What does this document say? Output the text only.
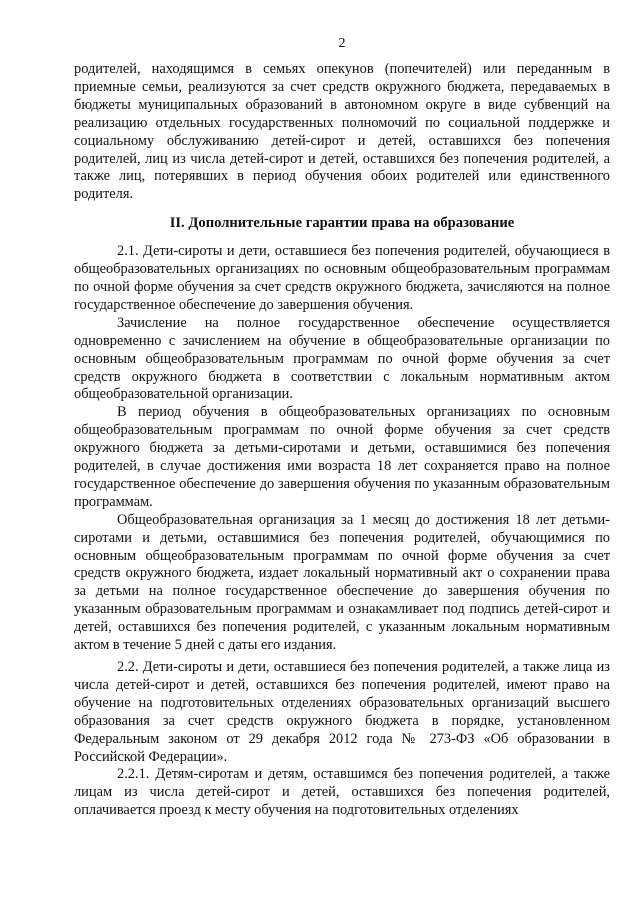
2

родителей, находящимся в семьях опекунов (попечителей) или переданным в приемные семьи, реализуются за счет средств окружного бюджета, передаваемых в бюджеты муниципальных образований в автономном округе в виде субвенций на реализацию отдельных государственных полномочий по социальной поддержке и социальному обслуживанию детей-сирот и детей, оставшихся без попечения родителей, лиц из числа детей-сирот и детей, оставшихся без попечения родителей, а также лиц, потерявших в период обучения обоих родителей или единственного родителя.

II. Дополнительные гарантии права на образование

2.1. Дети-сироты и дети, оставшиеся без попечения родителей, обучающиеся в общеобразовательных организациях по основным общеобразовательным программам по очной форме обучения за счет средств окружного бюджета, зачисляются на полное государственное обеспечение до завершения обучения.

Зачисление на полное государственное обеспечение осуществляется одновременно с зачислением на обучение в общеобразовательные организации по основным общеобразовательным программам по очной форме обучения за счет средств окружного бюджета в соответствии с локальным нормативным актом общеобразовательной организации.

В период обучения в общеобразовательных организациях по основным общеобразовательным программам по очной форме обучения за счет средств окружного бюджета за детьми-сиротами и детьми, оставшимися без попечения родителей, в случае достижения ими возраста 18 лет сохраняется право на полное государственное обеспечение до завершения обучения по указанным образовательным программам.

Общеобразовательная организация за 1 месяц до достижения 18 лет детьми-сиротами и детьми, оставшимися без попечения родителей, обучающимися по основным общеобразовательным программам по очной форме обучения за счет средств окружного бюджета, издает локальный нормативный акт о сохранении права за детьми на полное государственное обеспечение до завершения обучения по указанным образовательным программам и ознакамливает под подпись детей-сирот и детей, оставшихся без попечения родителей, с указанным локальным нормативным актом в течение 5 дней с даты его издания.

2.2. Дети-сироты и дети, оставшиеся без попечения родителей, а также лица из числа детей-сирот и детей, оставшихся без попечения родителей, имеют право на обучение на подготовительных отделениях образовательных организаций высшего образования за счет средств окружного бюджета в порядке, установленном Федеральным законом от 29 декабря 2012 года № 273-ФЗ «Об образовании в Российской Федерации».

2.2.1. Детям-сиротам и детям, оставшимся без попечения родителей, а также лицам из числа детей-сирот и детей, оставшихся без попечения родителей, оплачивается проезд к месту обучения на подготовительных отделениях
